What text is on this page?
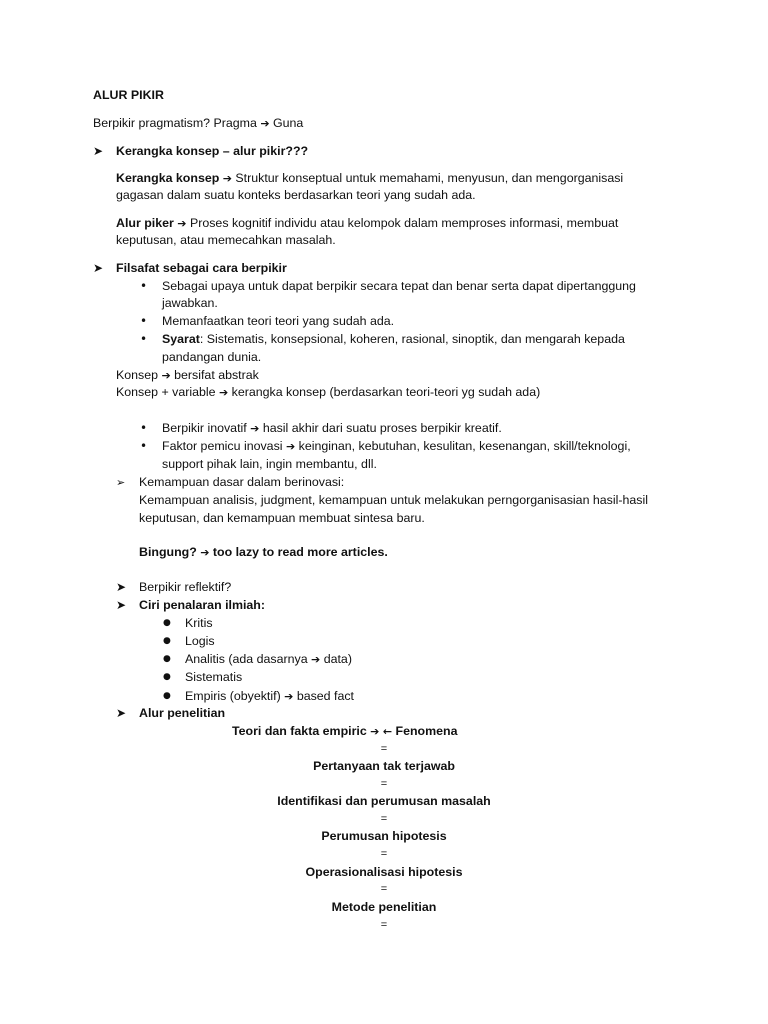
ALUR PIKIR
Berpikir pragmatism? Pragma ➔ Guna
➤ Kerangka konsep – alur pikir???
Kerangka konsep ➔ Struktur konseptual untuk memahami, menyusun, dan mengorganisasi
gagasan dalam suatu konteks berdasarkan teori yang sudah ada.
Alur piker ➔ Proses kognitif individu atau kelompok dalam memproses informasi, membuat
keputusan, atau memecahkan masalah.
➤ Filsafat sebagai cara berpikir
• Sebagai upaya untuk dapat berpikir secara tepat dan benar serta dapat dipertanggung
jawabkan.
• Memanfaatkan teori teori yang sudah ada.
• Syarat: Sistematis, konsepsional, koheren, rasional, sinoptik, dan mengarah kepada
pandangan dunia.
Konsep ➔ bersifat abstrak
Konsep + variable ➔ kerangka konsep (berdasarkan teori-teori yg sudah ada)
• Berpikir inovatif ➔ hasil akhir dari suatu proses berpikir kreatif.
• Faktor pemicu inovasi ➔ keinginan, kebutuhan, kesulitan, kesenangan, skill/teknologi,
support pihak lain, ingin membantu, dll.
➢ Kemampuan dasar dalam berinovasi:
Kemampuan analisis, judgment, kemampuan untuk melakukan perngorganisasian hasil-hasil
keputusan, dan kemampuan membuat sintesa baru.
Bingung? ➔ too lazy to read more articles.
➤ Berpikir reflektif?
➤ Ciri penalaran ilmiah:
● Kritis
● Logis
● Analitis (ada dasarnya ➔ data)
● Sistematis
● Empiris (obyektif) ➔ based fact
➤ Alur penelitian
Teori dan fakta empiric ➔ ← Fenomena
=
Pertanyaan tak terjawab
=
Identifikasi dan perumusan masalah
=
Perumusan hipotesis
=
Operasionalisasi hipotesis
=
Metode penelitian
=
